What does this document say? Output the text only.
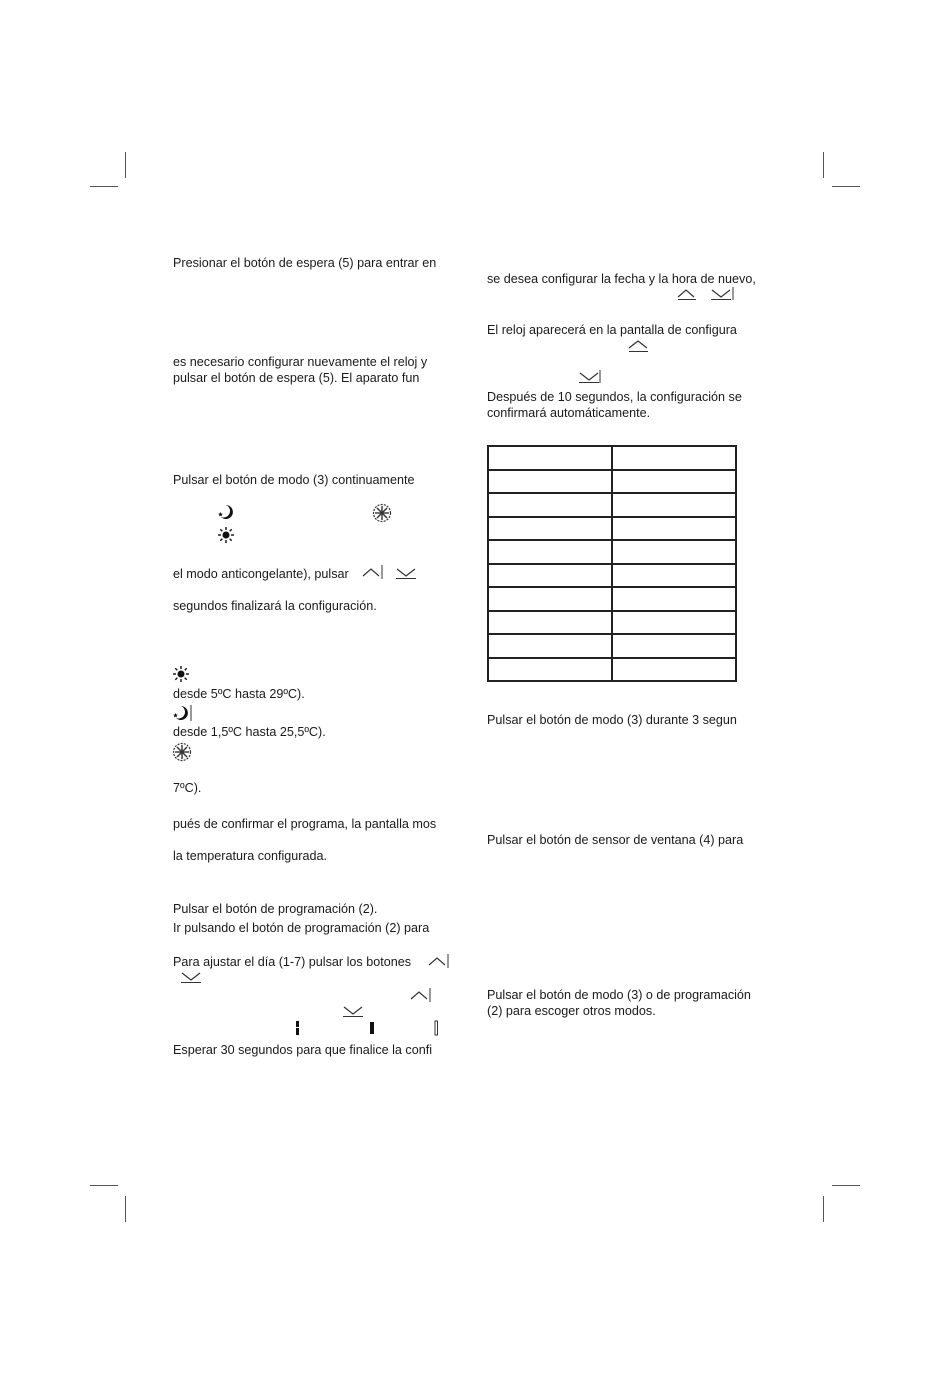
Presionar el botón de espera (5) para entrar en
es necesario configurar nuevamente el reloj y
pulsar el botón de espera (5). El aparato fun
Pulsar el botón de modo (3) continuamente
el modo anticongelante), pulsar
segundos finalizará la configuración.
desde 5ºC hasta 29ºC).
desde 1,5ºC hasta 25,5ºC).
7ºC).
pués de confirmar el programa, la pantalla mos
la temperatura configurada.
Pulsar el botón de programación (2).
Ir pulsando el botón de programación (2) para
Para ajustar el día (1-7) pulsar los botones
Esperar 30 segundos para que finalice la confi
se desea configurar la fecha y la hora de nuevo,
El reloj aparecerá en la pantalla de configura
Después de 10 segundos, la configuración se
confirmará automáticamente.
Pulsar el botón de modo (3) durante 3 segun
Pulsar el botón de sensor de ventana (4) para
Pulsar el botón de modo (3) o de programación
(2) para escoger otros modos.
